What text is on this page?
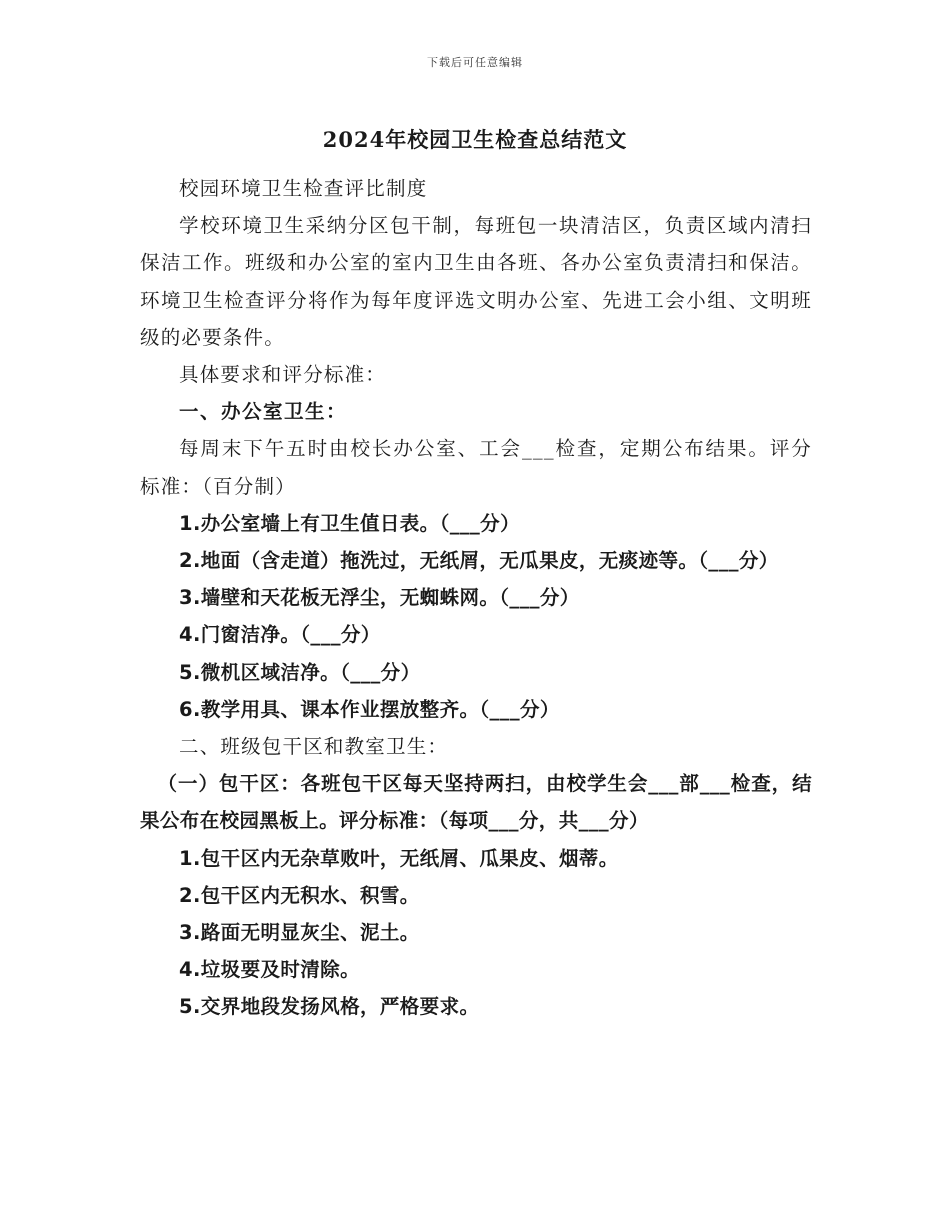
下载后可任意编辑
2024年校园卫生检查总结范文

校园环境卫生检查评比制度

学校环境卫生采纳分区包干制，每班包一块清洁区，负责区域内清扫保洁工作。班级和办公室的室内卫生由各班、各办公室负责清扫和保洁。环境卫生检查评分将作为每年度评选文明办公室、先进工会小组、文明班级的必要条件。

具体要求和评分标准：

一、办公室卫生：

每周末下午五时由校长办公室、工会___检查，定期公布结果。评分标准：（百分制）

1.办公室墙上有卫生值日表。（___分）

2.地面（含走道）拖洗过，无纸屑，无瓜果皮，无痰迹等。（___分）

3.墙壁和天花板无浮尘，无蜘蛛网。（___分）

4.门窗洁净。（___分）

5.微机区域洁净。（___分）

6.教学用具、课本作业摆放整齐。（___分）

二、班级包干区和教室卫生：

（一）包干区：各班包干区每天坚持两扫，由校学生会___部___检查，结果公布在校园黑板上。评分标准：（每项___分，共___分）

1.包干区内无杂草败叶，无纸屑、瓜果皮、烟蒂。

2.包干区内无积水、积雪。

3.路面无明显灰尘、泥土。

4.垃圾要及时清除。

5.交界地段发扬风格，严格要求。
